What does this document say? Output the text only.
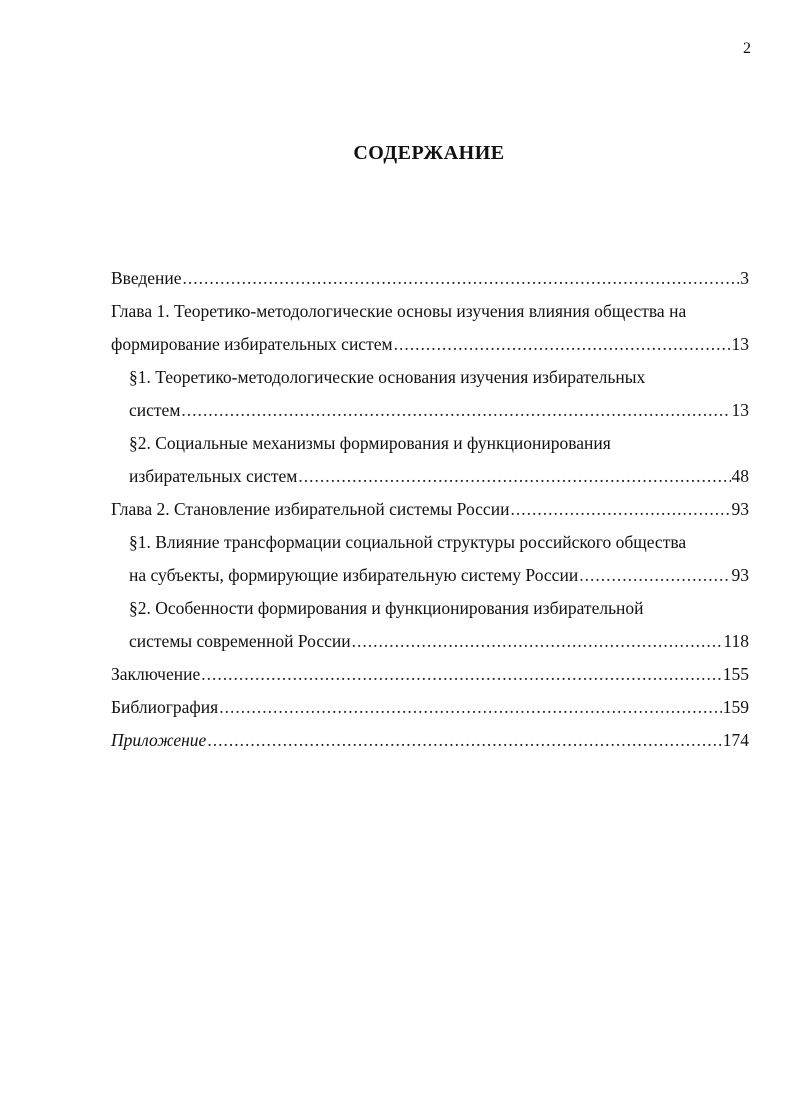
2
СОДЕРЖАНИЕ
Введение .....	3
Глава 1. Теоретико-методологические основы изучения влияния общества на
формирование избирательных систем .....	13
§1. Теоретико-методологические основания изучения избирательных
систем .....	13
§2. Социальные механизмы формирования и функционирования
избирательных систем .....	48
Глава 2. Становление избирательной системы России .....	93
§1. Влияние трансформации социальной структуры российского общества
на субъекты, формирующие избирательную систему России .....	93
§2. Особенности формирования и функционирования избирательной
системы современной России .....	118
Заключение .....	155
Библиография .....	159
Приложение .....	174
